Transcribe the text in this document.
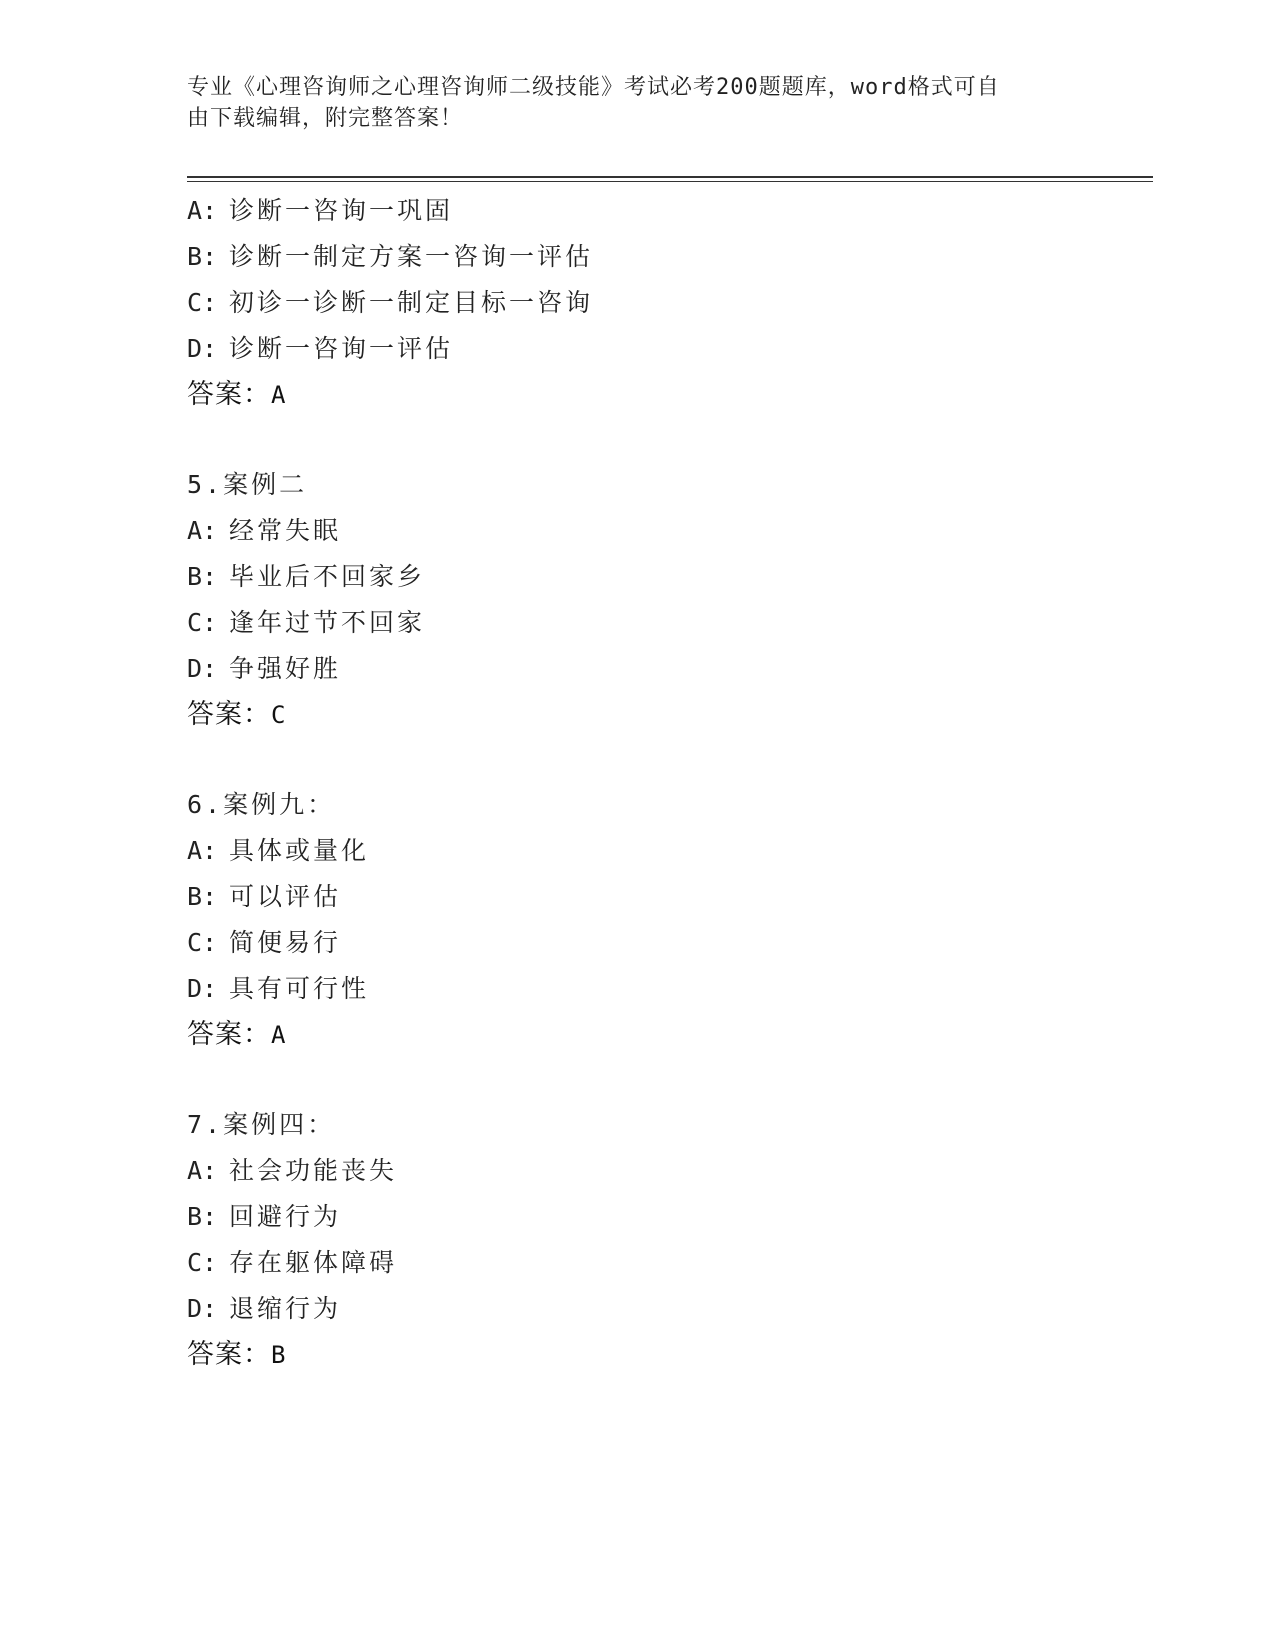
专业《心理咨询师之心理咨询师二级技能》考试必考200题题库，word格式可自
由下载编辑，附完整答案！
A: 诊断一咨询一巩固
B: 诊断一制定方案一咨询一评估
C: 初诊一诊断一制定目标一咨询
D: 诊断一咨询一评估
答案：A
5.案例二
A: 经常失眠
B: 毕业后不回家乡
C: 逢年过节不回家
D: 争强好胜
答案：C
6.案例九：
A: 具体或量化
B: 可以评估
C: 简便易行
D: 具有可行性
答案：A
7.案例四：
A: 社会功能丧失
B: 回避行为
C: 存在躯体障碍
D: 退缩行为
答案：B
